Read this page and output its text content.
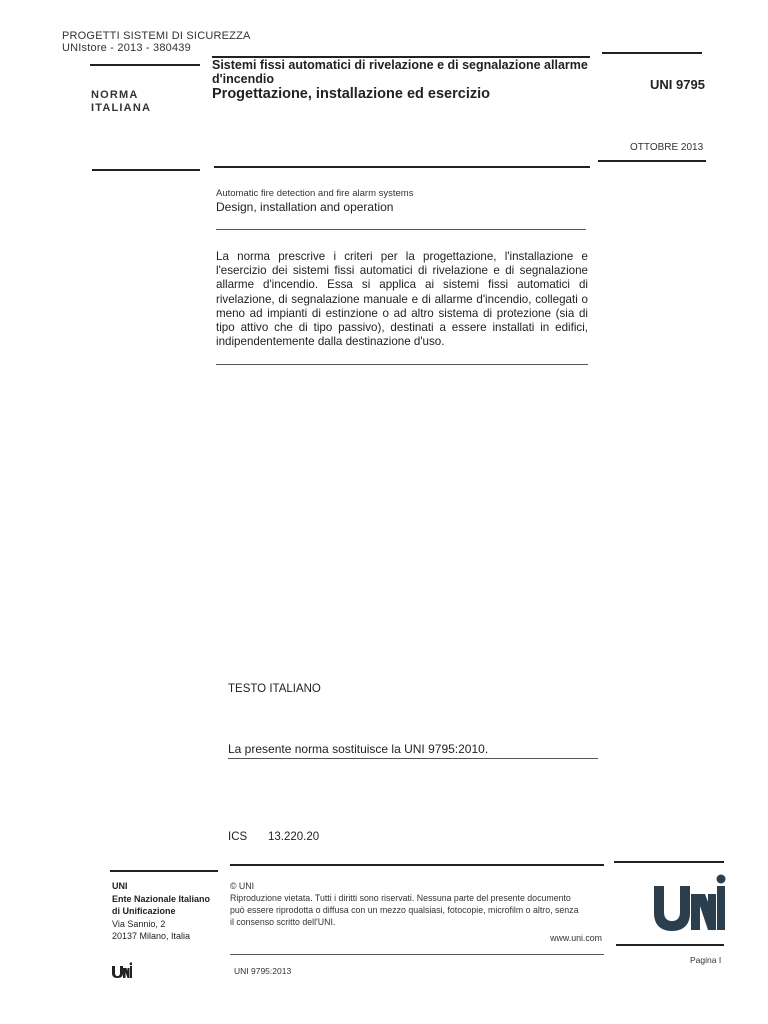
PROGETTI SISTEMI DI SICUREZZA
UNIstore - 2013 - 380439
NORMA
ITALIANA
Sistemi fissi automatici di rivelazione e di segnalazione allarme
d'incendio
Progettazione, installazione ed esercizio
UNI 9795
OTTOBRE 2013
Automatic fire detection and fire alarm systems
Design, installation and operation
La norma prescrive i criteri per la progettazione, l'installazione e l'esercizio dei sistemi fissi automatici di rivelazione e di segnalazione allarme d'incendio. Essa si applica ai sistemi fissi automatici di rivelazione, di segnalazione manuale e di allarme d'incendio, collegati o meno ad impianti di estinzione o ad altro sistema di protezione (sia di tipo attivo che di tipo passivo), destinati a essere installati in edifici, indipendentemente dalla destinazione d'uso.
TESTO ITALIANO
La presente norma sostituisce la UNI 9795:2010.
ICS 13.220.20
UNI
Ente Nazionale Italiano
di Unificazione
Via Sannio, 2
20137 Milano, Italia
© UNI
Riproduzione vietata. Tutti i diritti sono riservati. Nessuna parte del presente documento
può essere riprodotta o diffusa con un mezzo qualsiasi, fotocopie, microfilm o altro, senza
il consenso scritto dell'UNI.
www.uni.com
UNI 9795:2013
Pagina I
